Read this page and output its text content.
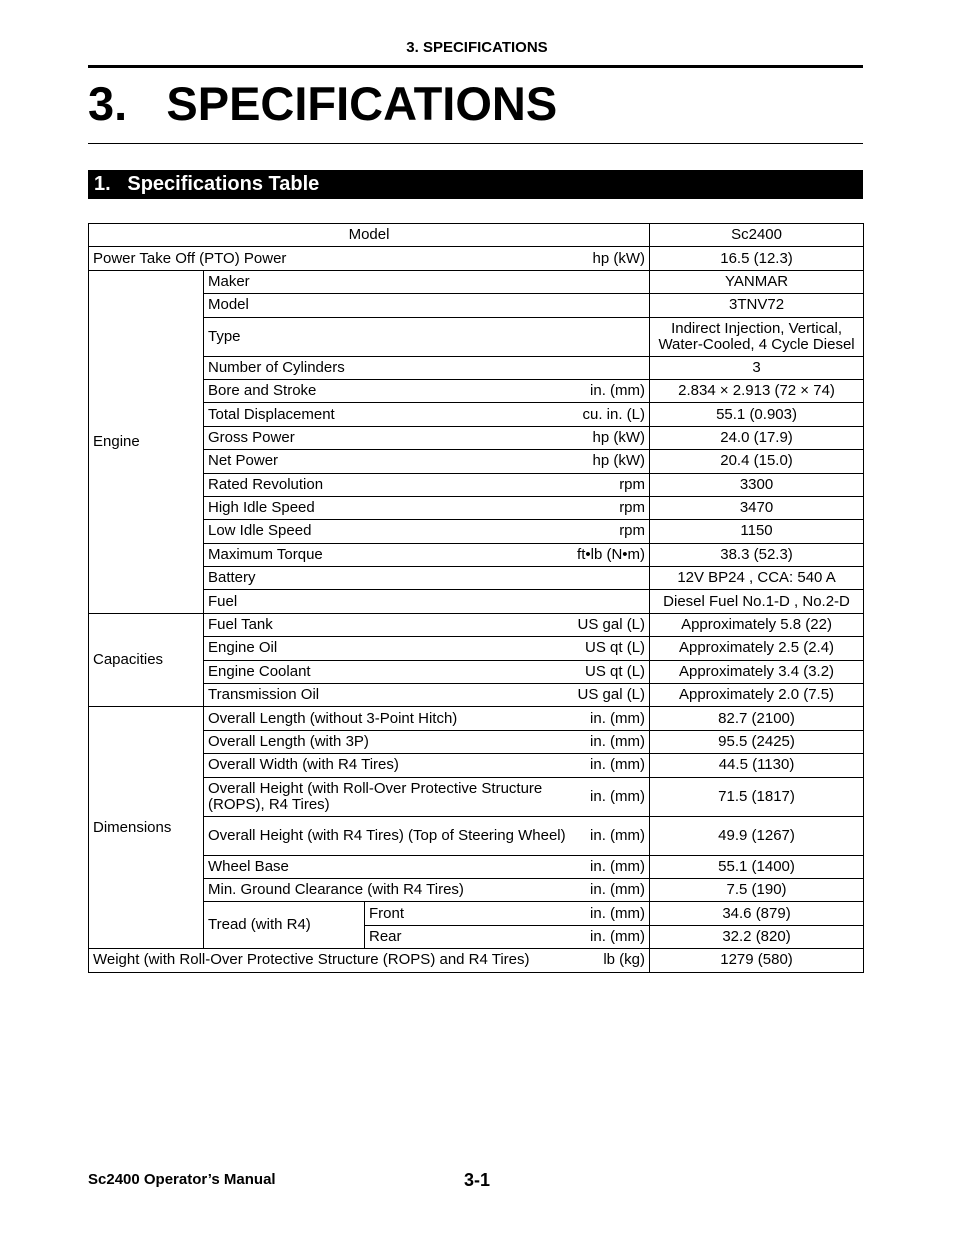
3. SPECIFICATIONS
3.   SPECIFICATIONS
1.   Specifications Table
Model			Sc2400

Power Take Off (PTO) Power hp (kW)			16.5 (12.3)
Engine	Maker		YANMAR

	Model		3TNV72

	Type		Indirect Injection, Vertical, Water-Cooled, 4 Cycle Diesel

	Number of Cylinders		3

	Bore and Stroke in. (mm)		2.834 × 2.913 (72 × 74)

	Total Displacement cu. in. (L)		55.1 (0.903)

	Gross Power hp (kW)		24.0 (17.9)

	Net Power hp (kW)		20.4 (15.0)

	Rated Revolution rpm		3300

	High Idle Speed rpm		3470

	Low Idle Speed rpm		1150

	Maximum Torque ft•lb (N•m)		38.3 (52.3)

	Battery		12V BP24 , CCA: 540 A

	Fuel		Diesel Fuel No.1-D , No.2-D
Capacities	Fuel Tank US gal (L)		Approximately 5.8 (22)

	Engine Oil US qt (L)		Approximately 2.5 (2.4)

	Engine Coolant US qt (L)		Approximately 3.4 (3.2)

	Transmission Oil US gal (L)		Approximately 2.0 (7.5)
Dimensions	Overall Length (without 3-Point Hitch) in. (mm)		82.7 (2100)

	Overall Length (with 3P) in. (mm)		95.5 (2425)

	Overall Width (with R4 Tires) in. (mm)		44.5 (1130)

	Overall Height (with Roll-Over Protective Structure (ROPS), R4 Tires) in. (mm)		71.5 (1817)

	Overall Height (with R4 Tires) (Top of Steering Wheel) in. (mm)		49.9 (1267)

	Wheel Base in. (mm)		55.1 (1400)

	Min. Ground Clearance (with R4 Tires) in. (mm)		7.5 (190)
	Tread (with R4)	Front in. (mm)	34.6 (879)

		Rear in. (mm)	32.2 (820)

Weight (with Roll-Over Protective Structure (ROPS) and R4 Tires) lb (kg)			1279 (580)
Sc2400 Operator’s Manual	3-1
